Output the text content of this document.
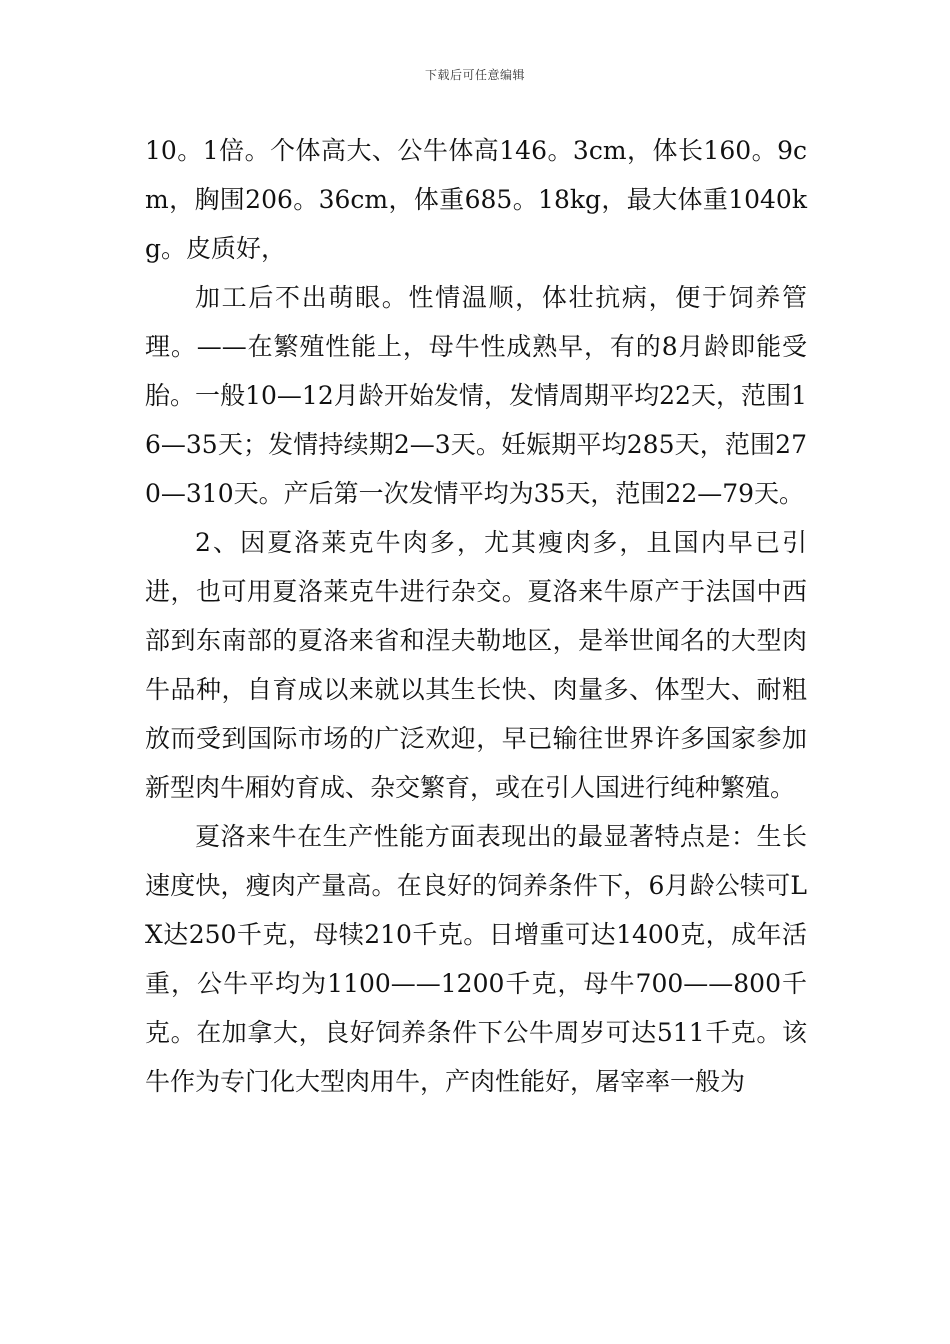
下载后可任意编辑

10。1倍。个体高大、公牛体高146。3cm，体长160。9cm，胸围206。36cm，体重685。18kg，最大体重1040kg。皮质好，

加工后不出萌眼。性情温顺，体壮抗病，便于饲养管理。——在繁殖性能上，母牛性成熟早，有的8月龄即能受胎。一般10—12月龄开始发情，发情周期平均22天，范围16—35天；发情持续期2—3天。妊娠期平均285天，范围270—310天。产后第一次发情平均为35天，范围22—79天。

2、因夏洛莱克牛肉多，尤其瘦肉多，且国内早已引进，也可用夏洛莱克牛进行杂交。夏洛来牛原产于法国中西部到东南部的夏洛来省和涅夫勒地区，是举世闻名的大型肉牛品种，自育成以来就以其生长快、肉量多、体型大、耐粗放而受到国际市场的广泛欢迎，早已输往世界许多国家参加新型肉牛厢妁育成、杂交繁育，或在引人国进行纯种繁殖。

夏洛来牛在生产性能方面表现出的最显著特点是：生长速度快，瘦肉产量高。在良好的饲养条件下，6月龄公犊可LX达250千克，母犊210千克。日增重可达1400克，成年活重，公牛平均为1100——1200千克，母牛700——800千克。在加拿大，良好饲养条件下公牛周岁可达511千克。该牛作为专门化大型肉用牛，产肉性能好，屠宰率一般为
